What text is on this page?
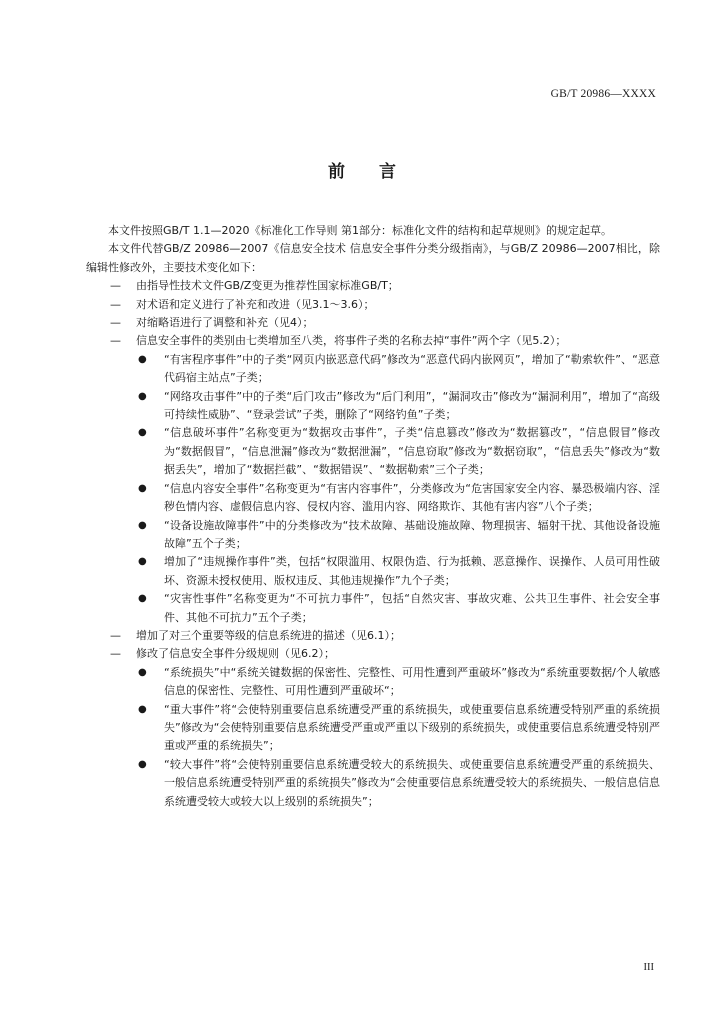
GB/T 20986—XXXX
前言

本文件按照GB/T 1.1—2020《标准化工作导则 第1部分：标准化文件的结构和起草规则》的规定起草。

本文件代替GB/Z 20986—2007《信息安全技术 信息安全事件分类分级指南》，与GB/Z 20986—2007相比，除编辑性修改外，主要技术变化如下：

—	由指导性技术文件GB/Z变更为推荐性国家标准GB/T；
—	对术语和定义进行了补充和改进（见3.1～3.6）；
—	对缩略语进行了调整和补充（见4）；
—	信息安全事件的类别由七类增加至八类，将事件子类的名称去掉“事件”两个字（见5.2）；
●	“有害程序事件”中的子类“网页内嵌恶意代码”修改为“恶意代码内嵌网页”，增加了“勒索软件”、“恶意代码宿主站点”子类；
●	“网络攻击事件”中的子类“后门攻击”修改为“后门利用”，“漏洞攻击”修改为“漏洞利用”，增加了“高级可持续性威胁”、“登录尝试”子类，删除了“网络钓鱼”子类；
●	“信息破坏事件”名称变更为“数据攻击事件”，子类“信息篡改”修改为“数据篡改”，“信息假冒”修改为“数据假冒”，“信息泄漏”修改为“数据泄漏”，“信息窃取”修改为“数据窃取”，“信息丢失”修改为“数据丢失”，增加了“数据拦截”、“数据错误”、“数据勒索”三个子类；
●	“信息内容安全事件”名称变更为“有害内容事件”，分类修改为“危害国家安全内容、暴恐极端内容、淫秽色情内容、虚假信息内容、侵权内容、滥用内容、网络欺诈、其他有害内容”八个子类；
●	“设备设施故障事件”中的分类修改为“技术故障、基础设施故障、物理损害、辐射干扰、其他设备设施故障”五个子类；
●	增加了“违规操作事件”类，包括“权限滥用、权限伪造、行为抵赖、恶意操作、误操作、人员可用性破坏、资源未授权使用、版权违反、其他违规操作”九个子类；
●	“灾害性事件”名称变更为“不可抗力事件”，包括“自然灾害、事故灾难、公共卫生事件、社会安全事件、其他不可抗力”五个子类；
—	增加了对三个重要等级的信息系统进的描述（见6.1）；
—	修改了信息安全事件分级规则（见6.2）；
●	“系统损失”中“系统关键数据的保密性、完整性、可用性遭到严重破坏”修改为“系统重要数据/个人敏感信息的保密性、完整性、可用性遭到严重破坏“；
●	“重大事件”将“会使特别重要信息系统遭受严重的系统损失，或使重要信息系统遭受特别严重的系统损失”修改为“会使特别重要信息系统遭受严重或严重以下级别的系统损失，或使重要信息系统遭受特别严重或严重的系统损失”；
●	“较大事件”将“会使特别重要信息系统遭受较大的系统损失、或使重要信息系统遭受严重的系统损失、一般信息系统遭受特别严重的系统损失”修改为“会使重要信息系统遭受较大的系统损失、一般信息信息系统遭受较大或较大以上级别的系统损失”；
III
